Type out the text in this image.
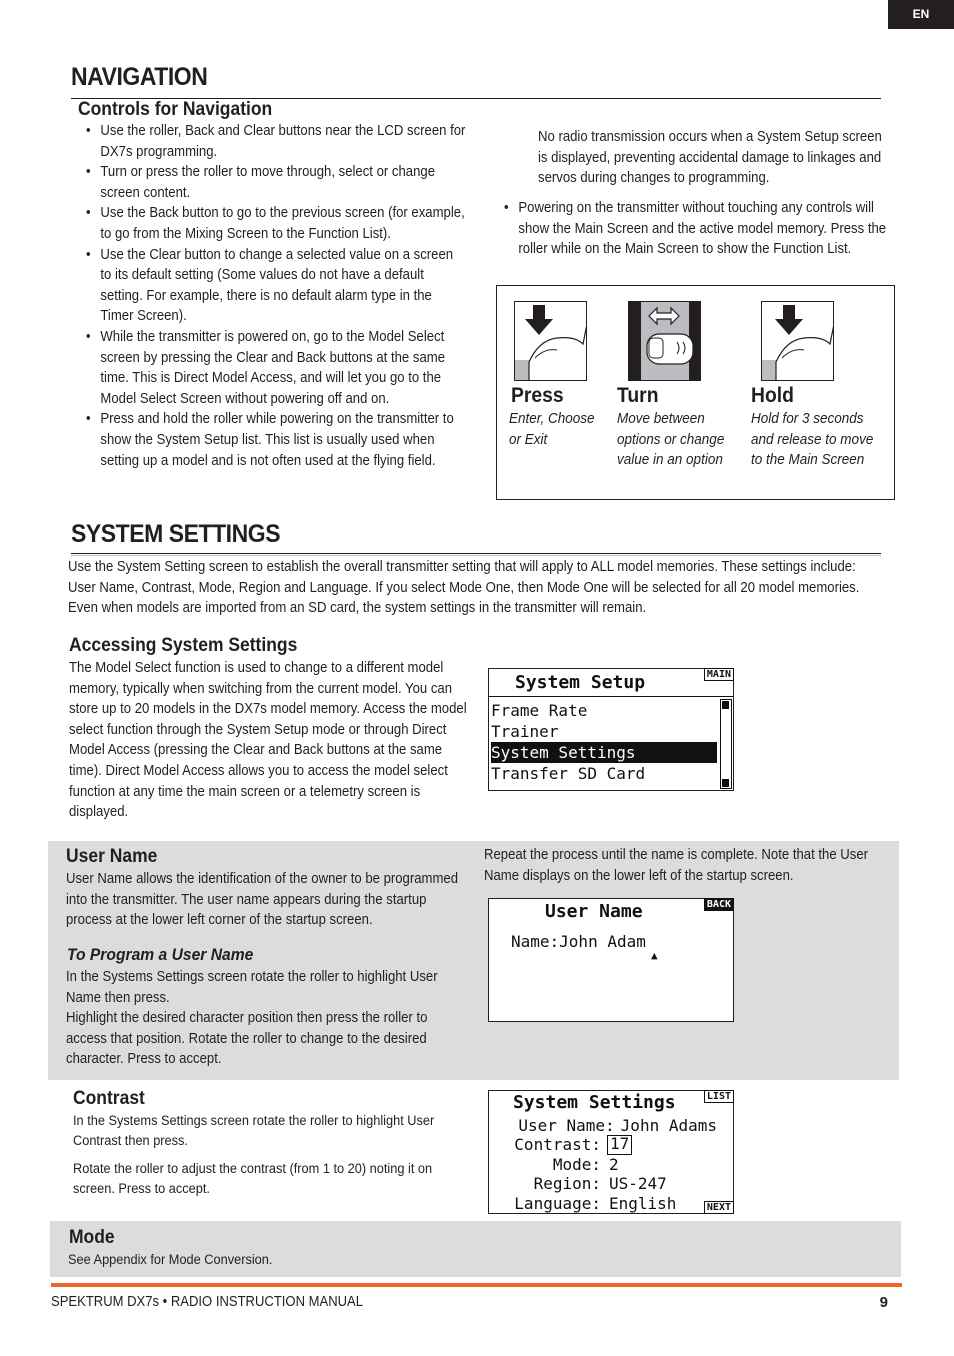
EN
NAVIGATION
Controls for Navigation
• Use the roller, Back and Clear buttons near the LCD screen for DX7s programming.
• Turn or press the roller to move through, select or change screen content.
• Use the Back button to go to the previous screen (for example, to go from the Mixing Screen to the Function List).
• Use the Clear button to change a selected value on a screen to its default setting (Some values do not have a default setting. For example, there is no default alarm type in the Timer Screen).
• While the transmitter is powered on, go to the Model Select screen by pressing the Clear and Back buttons at the same time. This is Direct Model Access, and will let you go to the Model Select Screen without powering off and on.
• Press and hold the roller while powering on the transmitter to show the System Setup list. This list is usually used when setting up a model and is not often used at the flying field.
No radio transmission occurs when a System Setup screen is displayed, preventing accidental damage to linkages and servos during changes to programming.
• Powering on the transmitter without touching any controls will show the Main Screen and the active model memory. Press the roller while on the Main Screen to show the Function List.
Press
Enter, Choose or Exit
Turn
Move between options or change value in an option
Hold
Hold for 3 seconds and release to move to the Main Screen
SYSTEM SETTINGS
Use the System Setting screen to establish the overall transmitter setting that will apply to ALL model memories. These settings include: User Name, Contrast, Mode, Region and Language. If you select Mode One, then Mode One will be selected for all 20 model memories. Even when models are imported from an SD card, the system settings in the transmitter will remain.
Accessing System Settings
The Model Select function is used to change to a different model memory, typically when switching from the current model. You can store up to 20 models in the DX7s model memory. Access the model select function through the System Setup mode or through Direct Model Access (pressing the Clear and Back buttons at the same time). Direct Model Access allows you to access the model select function at any time the main screen or a telemetry screen is displayed.
MAIN
System Setup
Frame Rate
Trainer
System Settings
Transfer SD Card
User Name
User Name allows the identification of the owner to be programmed into the transmitter. The user name appears during the startup process at the lower left corner of the startup screen.
To Program a User Name
In the Systems Settings screen rotate the roller to highlight User Name then press.
Highlight the desired character position then press the roller to access that position. Rotate the roller to change to the desired character. Press to accept.
Repeat the process until the name is complete. Note that the User Name displays on the lower left of the startup screen.
BACK
User Name
Name:John Adam
▲
Contrast
In the Systems Settings screen rotate the roller to highlight User Contrast then press.
Rotate the roller to adjust the contrast (from 1 to 20) noting it on screen. Press to accept.
LIST
NEXT
System Settings
User Name: John Adams
Contrast: 17
Mode: 2
Region: US-247
Language: English
Mode
See Appendix for Mode Conversion.
SPEKTRUM DX7s • RADIO INSTRUCTION MANUAL	9
